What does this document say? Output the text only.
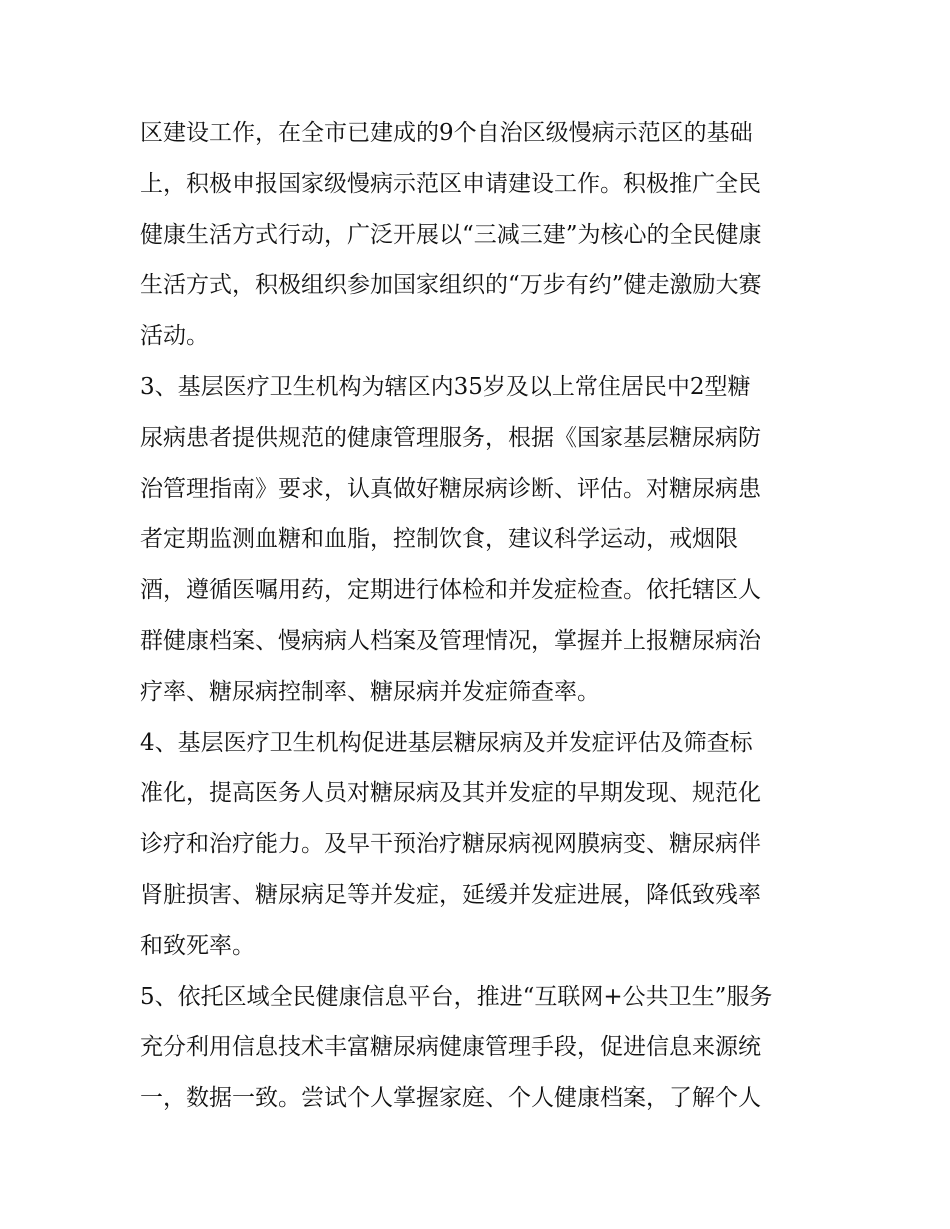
区建设工作，在全市已建成的9个自治区级慢病示范区的基础
上，积极申报国家级慢病示范区申请建设工作。积极推广全民
健康生活方式行动，广泛开展以“三减三建”为核心的全民健康
生活方式，积极组织参加国家组织的“万步有约”健走激励大赛
活动。
3、基层医疗卫生机构为辖区内35岁及以上常住居民中2型糖
尿病患者提供规范的健康管理服务，根据《国家基层糖尿病防
治管理指南》要求，认真做好糖尿病诊断、评估。对糖尿病患
者定期监测血糖和血脂，控制饮食，建议科学运动，戒烟限
酒，遵循医嘱用药，定期进行体检和并发症检查。依托辖区人
群健康档案、慢病病人档案及管理情况，掌握并上报糖尿病治
疗率、糖尿病控制率、糖尿病并发症筛查率。
4、基层医疗卫生机构促进基层糖尿病及并发症评估及筛查标
准化，提高医务人员对糖尿病及其并发症的早期发现、规范化
诊疗和治疗能力。及早干预治疗糖尿病视网膜病变、糖尿病伴
肾脏损害、糖尿病足等并发症，延缓并发症进展，降低致残率
和致死率。
5、依托区域全民健康信息平台，推进“互联网+公共卫生”服务
充分利用信息技术丰富糖尿病健康管理手段，促进信息来源统
一，数据一致。尝试个人掌握家庭、个人健康档案，了解个人
